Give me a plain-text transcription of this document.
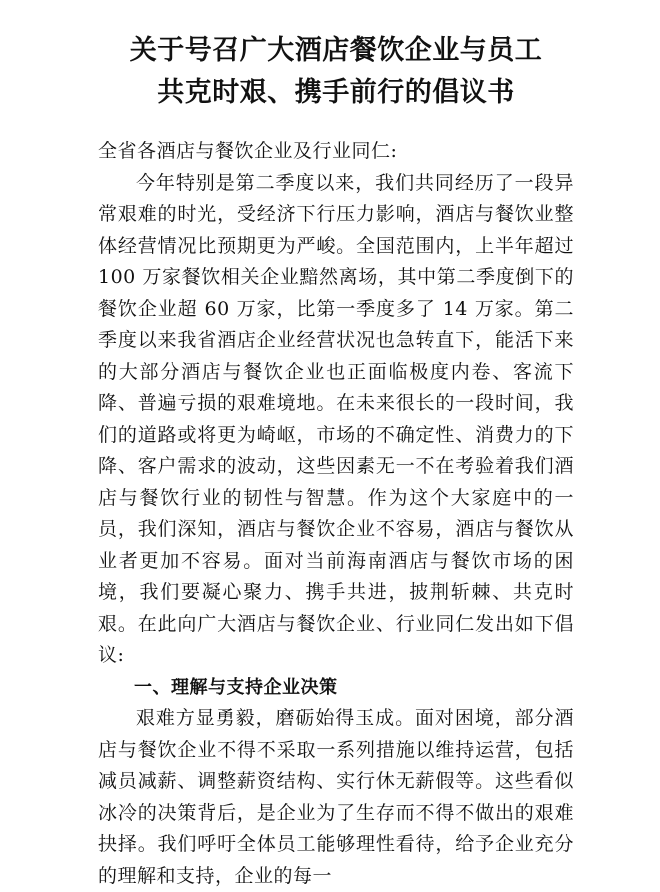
关于号召广大酒店餐饮企业与员工
共克时艰、携手前行的倡议书

全省各酒店与餐饮企业及行业同仁:

今年特别是第二季度以来，我们共同经历了一段异常艰难的时光，受经济下行压力影响，酒店与餐饮业整体经营情况比预期更为严峻。全国范围内，上半年超过 100 万家餐饮相关企业黯然离场，其中第二季度倒下的餐饮企业超 60 万家，比第一季度多了 14 万家。第二季度以来我省酒店企业经营状况也急转直下，能活下来的大部分酒店与餐饮企业也正面临极度内卷、客流下降、普遍亏损的艰难境地。在未来很长的一段时间，我们的道路或将更为崎岖，市场的不确定性、消费力的下降、客户需求的波动，这些因素无一不在考验着我们酒店与餐饮行业的韧性与智慧。作为这个大家庭中的一员，我们深知，酒店与餐饮企业不容易，酒店与餐饮从业者更加不容易。面对当前海南酒店与餐饮市场的困境，我们要凝心聚力、携手共进，披荆斩棘、共克时艰。在此向广大酒店与餐饮企业、行业同仁发出如下倡议:

一、理解与支持企业决策

艰难方显勇毅，磨砺始得玉成。面对困境，部分酒店与餐饮企业不得不采取一系列措施以维持运营，包括减员减薪、调整薪资结构、实行休无薪假等。这些看似冰冷的决策背后，是企业为了生存而不得不做出的艰难抉择。我们呼吁全体员工能够理性看待，给予企业充分的理解和支持，企业的每一
